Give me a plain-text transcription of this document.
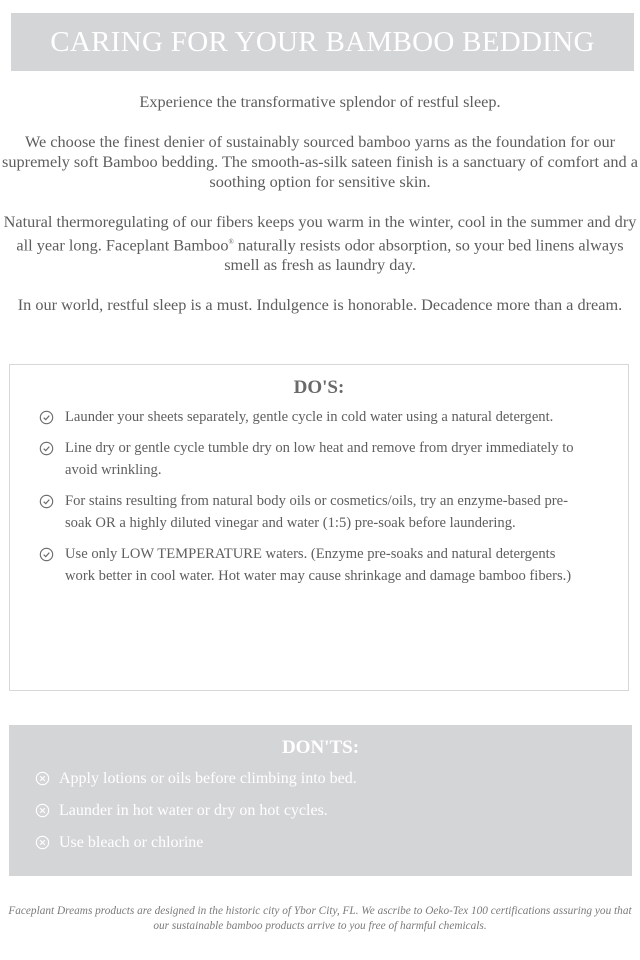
CARING FOR YOUR BAMBOO BEDDING

Experience the transformative splendor of restful sleep.

We choose the finest denier of sustainably sourced bamboo yarns as the foundation for our supremely soft Bamboo bedding. The smooth-as-silk sateen finish is a sanctuary of comfort and a soothing option for sensitive skin.

Natural thermoregulating of our fibers keeps you warm in the winter, cool in the summer and dry all year long. Faceplant Bamboo® naturally resists odor absorption, so your bed linens always smell as fresh as laundry day.

In our world, restful sleep is a must. Indulgence is honorable. Decadence more than a dream.

DO'S:
Launder your sheets separately, gentle cycle in cold water using a natural detergent.
Line dry or gentle cycle tumble dry on low heat and remove from dryer immediately to avoid wrinkling.
For stains resulting from natural body oils or cosmetics/oils, try an enzyme-based pre-soak OR a highly diluted vinegar and water (1:5) pre-soak before laundering.
Use only LOW TEMPERATURE waters. (Enzyme pre-soaks and natural detergents work better in cool water. Hot water may cause shrinkage and damage bamboo fibers.)
DON'TS:
Apply lotions or oils before climbing into bed.
Launder in hot water or dry on hot cycles.
Use bleach or chlorine
Faceplant Dreams products are designed in the historic city of Ybor City, FL. We ascribe to Oeko-Tex 100 certifications assuring you that our sustainable bamboo products arrive to you free of harmful chemicals.
